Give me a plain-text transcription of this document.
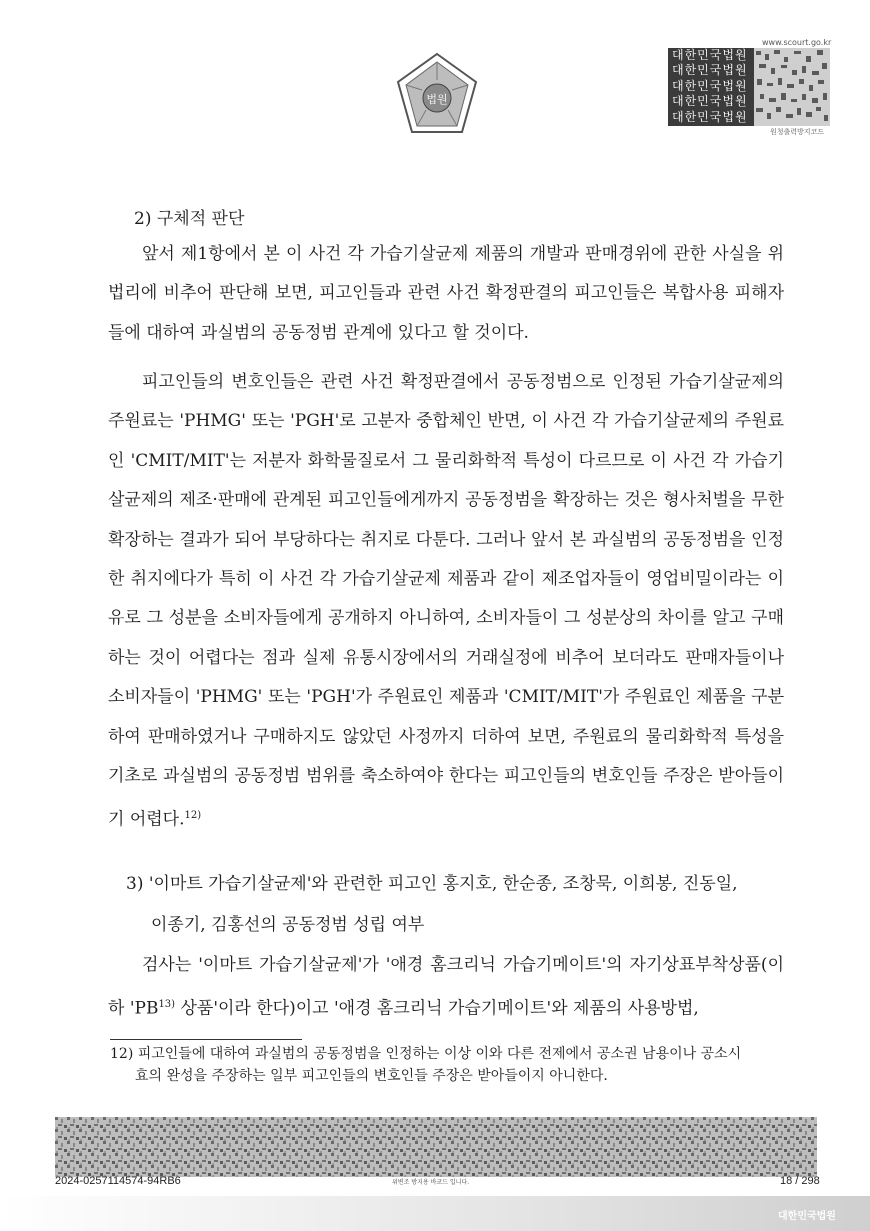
법원
www.scourt.go.kr
대한민국법원
대한민국법원
대한민국법원
대한민국법원
대한민국법원
원청출력방지코드

2) 구체적 판단

앞서 제1항에서 본 이 사건 각 가습기살균제 제품의 개발과 판매경위에 관한 사실을 위 법리에 비추어 판단해 보면, 피고인들과 관련 사건 확정판결의 피고인들은 복합사용 피해자들에 대하여 과실범의 공동정범 관계에 있다고 할 것이다.

피고인들의 변호인들은 관련 사건 확정판결에서 공동정범으로 인정된 가습기살균제의 주원료는 'PHMG' 또는 'PGH'로 고분자 중합체인 반면, 이 사건 각 가습기살균제의 주원료인 'CMIT/MIT'는 저분자 화학물질로서 그 물리화학적 특성이 다르므로 이 사건 각 가습기살균제의 제조·판매에 관계된 피고인들에게까지 공동정범을 확장하는 것은 형사처벌을 무한확장하는 결과가 되어 부당하다는 취지로 다툰다. 그러나 앞서 본 과실범의 공동정범을 인정한 취지에다가 특히 이 사건 각 가습기살균제 제품과 같이 제조업자들이 영업비밀이라는 이유로 그 성분을 소비자들에게 공개하지 아니하여, 소비자들이 그 성분상의 차이를 알고 구매하는 것이 어렵다는 점과 실제 유통시장에서의 거래실정에 비추어 보더라도 판매자들이나 소비자들이 'PHMG' 또는 'PGH'가 주원료인 제품과 'CMIT/MIT'가 주원료인 제품을 구분하여 판매하였거나 구매하지도 않았던 사정까지 더하여 보면, 주원료의 물리화학적 특성을 기초로 과실범의 공동정범 범위를 축소하여야 한다는 피고인들의 변호인들 주장은 받아들이기 어렵다.$^{12)}$

3) '이마트 가습기살균제'와 관련한 피고인 홍지호, 한순종, 조창묵, 이희봉, 진동일,

이종기, 김홍선의 공동정범 성립 여부

검사는 '이마트 가습기살균제'가 '애경 홈크리닉 가습기메이트'의 자기상표부착상품(이하 'PB$^{13)}$ 상품'이라 한다)이고 '애경 홈크리닉 가습기메이트'와 제품의 사용방법,

12) 피고인들에 대하여 과실범의 공동정범을 인정하는 이상 이와 다른 전제에서 공소권 남용이나 공소시
효의 완성을 주장하는 일부 피고인들의 변호인들 주장은 받아들이지 아니한다.

2024-0257114574-94RB6	위변조 방지용 바코드 입니다.	18 / 298
대한민국법원
